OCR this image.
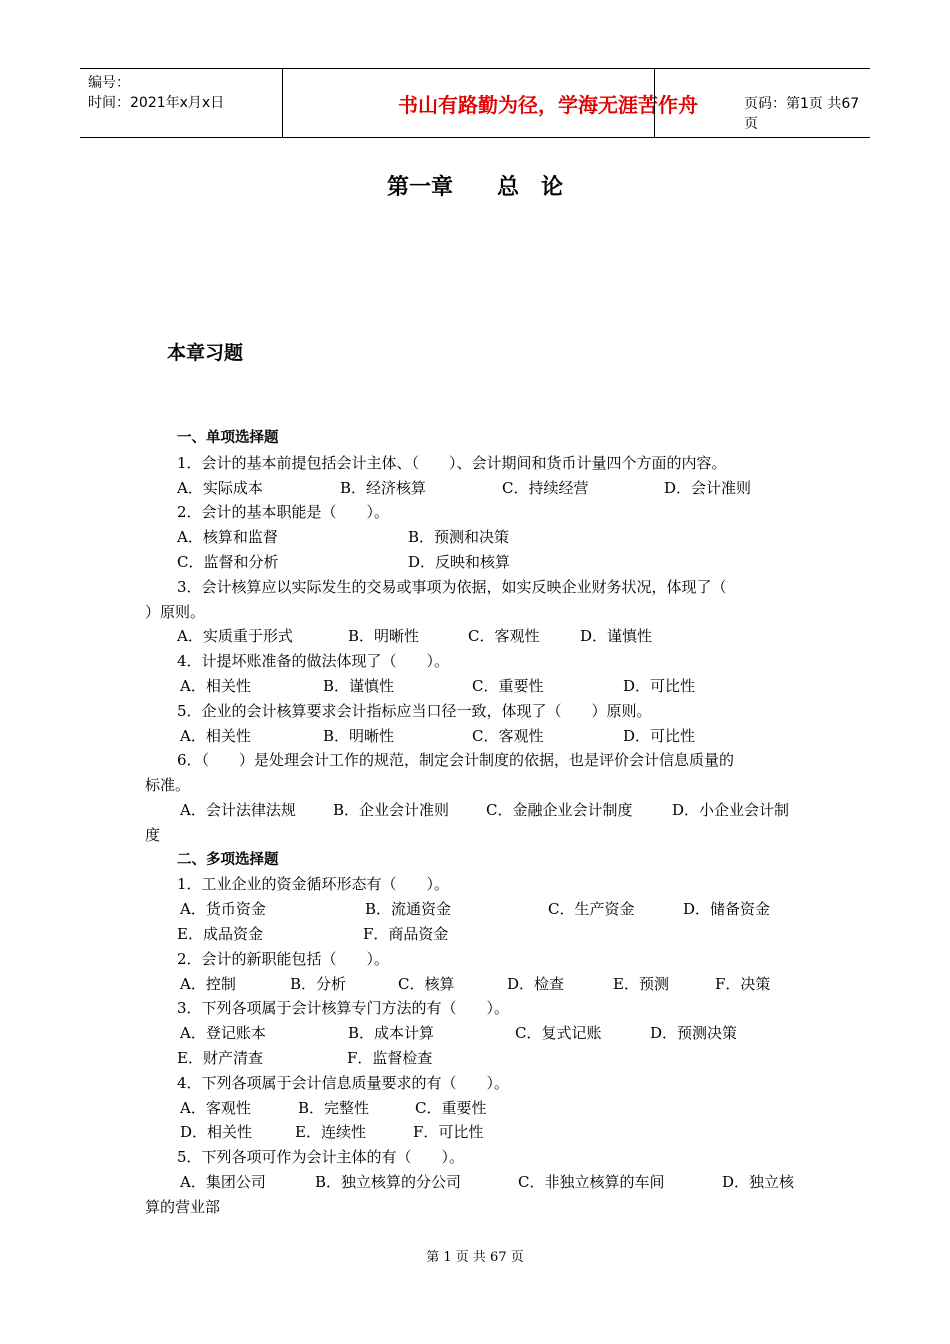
编号：
时间：2021年x月x日	书山有路勤为径，学海无涯苦作舟	页码：第1页 共67页
第一章　　总　论
本章习题
一、单项选择题
1．会计的基本前提包括会计主体、（　　）、会计期间和货币计量四个方面的内容。
A．实际成本	B．经济核算	C．持续经营	D．会计准则
2．会计的基本职能是（　　）。
A．核算和监督	B．预测和决策
C．监督和分析	D．反映和核算
3．会计核算应以实际发生的交易或事项为依据，如实反映企业财务状况，体现了（
）原则。
A．实质重于形式	B．明晰性	C．客观性	D．谨慎性
4．计提坏账准备的做法体现了（　　）。
A．相关性	B．谨慎性	C．重要性	D．可比性
5．企业的会计核算要求会计指标应当口径一致，体现了（　　）原则。
A．相关性	B．明晰性	C．客观性	D．可比性
6．（　　）是处理会计工作的规范，制定会计制度的依据，也是评价会计信息质量的
标准。
A．会计法律法规 B．企业会计准则 C．金融企业会计制度	D．小企业会计制
度
二、多项选择题
1．工业企业的资金循环形态有（　　）。
A．货币资金	B．流通资金	C．生产资金	D．储备资金
E．成品资金	F．商品资金
2．会计的新职能包括（　　）。
A．控制	B．分析	C．核算	D．检查	E．预测	F．决策
3．下列各项属于会计核算专门方法的有（　　）。
A．登记账本	B．成本计算	C．复式记账	D．预测决策
E．财产清查	F．监督检查
4．下列各项属于会计信息质量要求的有（　　）。
A．客观性	B．完整性	C．重要性
D．相关性	E．连续性	F．可比性
5．下列各项可作为会计主体的有（　　）。
A．集团公司	B．独立核算的分公司	C．非独立核算的车间	D．独立核
算的营业部
第 1 页 共 67 页
